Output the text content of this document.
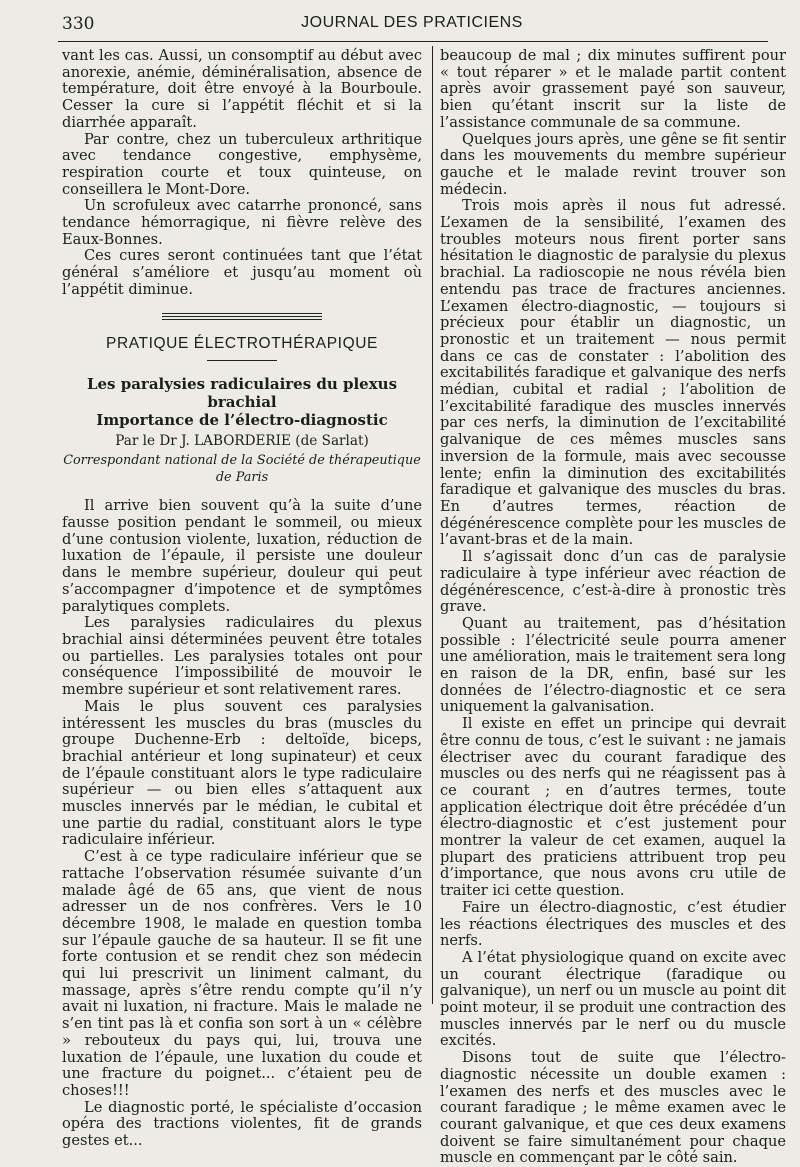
330	JOURNAL DES PRATICIENS

vant les cas. Aussi, un consomptif au début avec anorexie, anémie, déminéralisation, absence de température, doit être envoyé à la Bourboule. Cesser la cure si l’appétit fléchit et si la diarrhée apparaît.

Par contre, chez un tuberculeux arthritique avec tendance congestive, emphysème, respiration courte et toux quinteuse, on conseillera le Mont-Dore.

Un scrofuleux avec catarrhe prononcé, sans tendance hémorragique, ni fièvre relève des Eaux-Bonnes.

Ces cures seront continuées tant que l’état général s’améliore et jusqu’au moment où l’appétit diminue.

PRATIQUE ÉLECTROTHÉRAPIQUE
Les paralysies radiculaires du plexus brachial
Importance de l’électro-diagnostic
Par le Dr J. LABORDERIE (de Sarlat)
Correspondant national de la Société de thérapeutique de Paris

Il arrive bien souvent qu’à la suite d’une fausse position pendant le sommeil, ou mieux d’une contusion violente, luxation, réduction de luxation de l’épaule, il persiste une douleur dans le membre supérieur, douleur qui peut s’accompagner d’impotence et de symptômes paralytiques complets.

Les paralysies radiculaires du plexus brachial ainsi déterminées peuvent être totales ou partielles. Les paralysies totales ont pour conséquence l’impossibilité de mouvoir le membre supérieur et sont relativement rares.

Mais le plus souvent ces paralysies intéressent les muscles du bras (muscles du groupe Duchenne-Erb : deltoïde, biceps, brachial antérieur et long supinateur) et ceux de l’épaule constituant alors le type radiculaire supérieur — ou bien elles s’attaquent aux muscles innervés par le médian, le cubital et une partie du radial, constituant alors le type radiculaire inférieur.

C’est à ce type radiculaire inférieur que se rattache l’observation résumée suivante d’un malade âgé de 65 ans, que vient de nous adresser un de nos confrères. Vers le 10 décembre 1908, le malade en question tomba sur l’épaule gauche de sa hauteur. Il se fit une forte contusion et se rendit chez son médecin qui lui prescrivit un liniment calmant, du massage, après s’être rendu compte qu’il n’y avait ni luxation, ni fracture. Mais le malade ne s’en tint pas là et confia son sort à un « célèbre » rebouteux du pays qui, lui, trouva une luxation de l’épaule, une luxation du coude et une fracture du poignet... c’étaient peu de choses!!!

Le diagnostic porté, le spécialiste d’occasion opéra des tractions violentes, fit de grands gestes et...

beaucoup de mal ; dix minutes suffirent pour « tout réparer » et le malade partit content après avoir grassement payé son sauveur, bien qu’étant inscrit sur la liste de l’assistance communale de sa commune.

Quelques jours après, une gêne se fit sentir dans les mouvements du membre supérieur gauche et le malade revint trouver son médecin.

Trois mois après il nous fut adressé. L’examen de la sensibilité, l’examen des troubles moteurs nous firent porter sans hésitation le diagnostic de paralysie du plexus brachial. La radioscopie ne nous révéla bien entendu pas trace de fractures anciennes. L’examen électro-diagnostic, — toujours si précieux pour établir un diagnostic, un pronostic et un traitement — nous permit dans ce cas de constater : l’abolition des excitabilités faradique et galvanique des nerfs médian, cubital et radial ; l’abolition de l’excitabilité faradique des muscles innervés par ces nerfs, la diminution de l’excitabilité galvanique de ces mêmes muscles sans inversion de la formule, mais avec secousse lente; enfin la diminution des excitabilités faradique et galvanique des muscles du bras. En d’autres termes, réaction de dégénérescence complète pour les muscles de l’avant-bras et de la main.

Il s’agissait donc d’un cas de paralysie radiculaire à type inférieur avec réaction de dégénérescence, c’est-à-dire à pronostic très grave.

Quant au traitement, pas d’hésitation possible : l’électricité seule pourra amener une amélioration, mais le traitement sera long en raison de la DR, enfin, basé sur les données de l’électro-diagnostic et ce sera uniquement la galvanisation.

Il existe en effet un principe qui devrait être connu de tous, c’est le suivant : ne jamais électriser avec du courant faradique des muscles ou des nerfs qui ne réagissent pas à ce courant ; en d’autres termes, toute application électrique doit être précédée d’un électro-diagnostic et c’est justement pour montrer la valeur de cet examen, auquel la plupart des praticiens attribuent trop peu d’importance, que nous avons cru utile de traiter ici cette question.

Faire un électro-diagnostic, c’est étudier les réactions électriques des muscles et des nerfs.

A l’état physiologique quand on excite avec un courant électrique (faradique ou galvanique), un nerf ou un muscle au point dit point moteur, il se produit une contraction des muscles innervés par le nerf ou du muscle excités.

Disons tout de suite que l’électro-diagnostic nécessite un double examen : l’examen des nerfs et des muscles avec le courant faradique ; le même examen avec le courant galvanique, et que ces deux examens doivent se faire simultanément pour chaque muscle en commençant par le côté sain.
